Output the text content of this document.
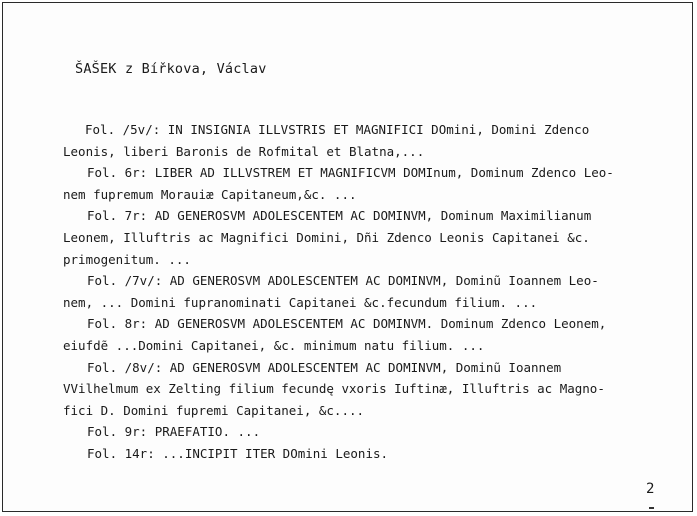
ŠAŠEK z Bířkova, Václav

Fol. /5v/: IN INSIGNIA ILLVSTRIS ET MAGNIFICI DOmini, Domini Zdenco

Leonis, liberi Baronis de Rofmital et Blatna,...

Fol. 6r: LIBER AD ILLVSTREM ET MAGNIFICVM DOMInum, Dominum Zdenco Leo-

nem fupremum Morauiæ Capitaneum,&c. ...

Fol. 7r: AD GENEROSVM ADOLESCENTEM AC DOMINVM, Dominum Maximilianum

Leonem, Illuftris ac Magnifici Domini, Dñi Zdenco Leonis Capitanei &c.

primogenitum. ...

Fol. /7v/: AD GENEROSVM ADOLESCENTEM AC DOMINVM, Dominũ Ioannem Leo-

nem, ... Domini fupranominati Capitanei &c.fecundum filium. ...

Fol. 8r: AD GENEROSVM ADOLESCENTEM AC DOMINVM. Dominum Zdenco Leonem,

eiufdẽ ...Domini Capitanei, &c. minimum natu filium. ...

Fol. /8v/: AD GENEROSVM ADOLESCENTEM AC DOMINVM, Dominũ Ioannem

VVilhelmum ex Zelting filium fecundę vxoris Iuftinæ, Illuftris ac Magno-

fici D. Domini fupremi Capitanei, &c....

Fol. 9r: PRAEFATIO. ...

Fol. 14r: ...INCIPIT ITER DOmini Leonis.

2
